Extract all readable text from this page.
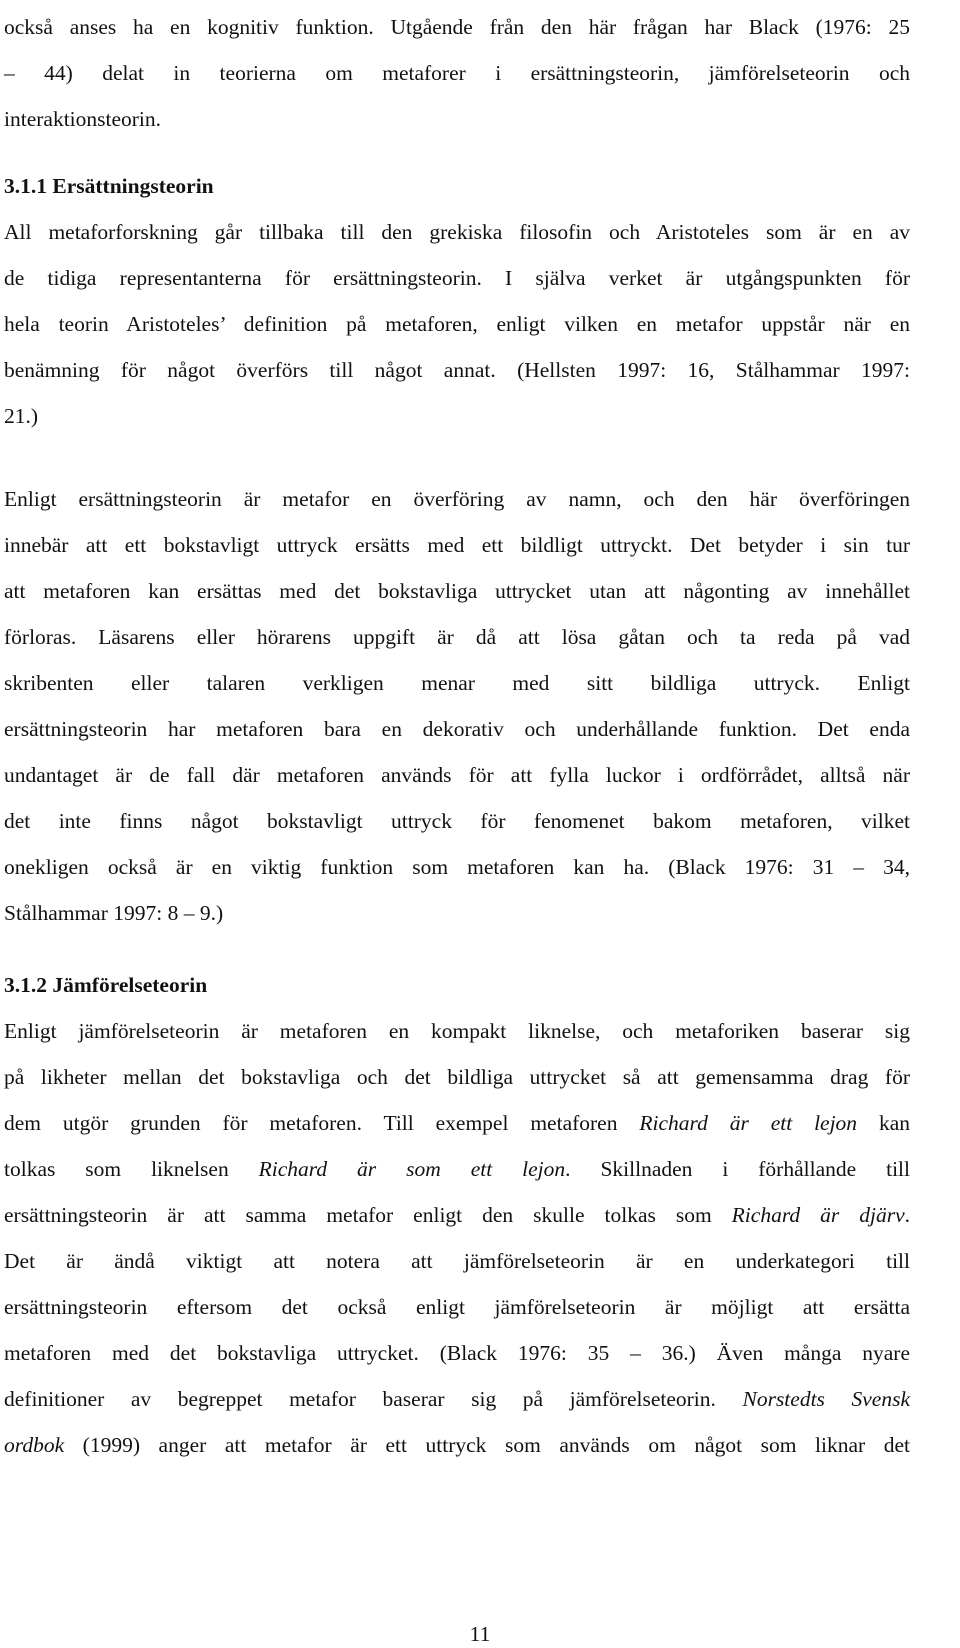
också anses ha en kognitiv funktion. Utgående från den här frågan har Black (1976: 25
– 44) delat in teorierna om metaforer i ersättningsteorin, jämförelseteorin och
interaktionsteorin.
3.1.1 Ersättningsteorin
All metaforforskning går tillbaka till den grekiska filosofin och Aristoteles som är en av
de tidiga representanterna för ersättningsteorin. I själva verket är utgångspunkten för
hela teorin Aristoteles’ definition på metaforen, enligt vilken en metafor uppstår när en
benämning för något överförs till något annat. (Hellsten 1997: 16, Stålhammar 1997:
21.)
Enligt ersättningsteorin är metafor en överföring av namn, och den här överföringen
innebär att ett bokstavligt uttryck ersätts med ett bildligt uttryckt. Det betyder i sin tur
att metaforen kan ersättas med det bokstavliga uttrycket utan att någonting av innehållet
förloras. Läsarens eller hörarens uppgift är då att lösa gåtan och ta reda på vad
skribenten eller talaren verkligen menar med sitt bildliga uttryck. Enligt
ersättningsteorin har metaforen bara en dekorativ och underhållande funktion. Det enda
undantaget är de fall där metaforen används för att fylla luckor i ordförrådet, alltså när
det inte finns något bokstavligt uttryck för fenomenet bakom metaforen, vilket
onekligen också är en viktig funktion som metaforen kan ha. (Black 1976: 31 – 34,
Stålhammar 1997: 8 – 9.)
3.1.2 Jämförelseteorin
Enligt jämförelseteorin är metaforen en kompakt liknelse, och metaforiken baserar sig
på likheter mellan det bokstavliga och det bildliga uttrycket så att gemensamma drag för
dem utgör grunden för metaforen. Till exempel metaforen Richard är ett lejon kan
tolkas som liknelsen Richard är som ett lejon. Skillnaden i förhållande till
ersättningsteorin är att samma metafor enligt den skulle tolkas som Richard är djärv.
Det är ändå viktigt att notera att jämförelseteorin är en underkategori till
ersättningsteorin eftersom det också enligt jämförelseteorin är möjligt att ersätta
metaforen med det bokstavliga uttrycket. (Black 1976: 35 – 36.) Även många nyare
definitioner av begreppet metafor baserar sig på jämförelseteorin. Norstedts Svensk
ordbok (1999) anger att metafor är ett uttryck som används om något som liknar det
11
